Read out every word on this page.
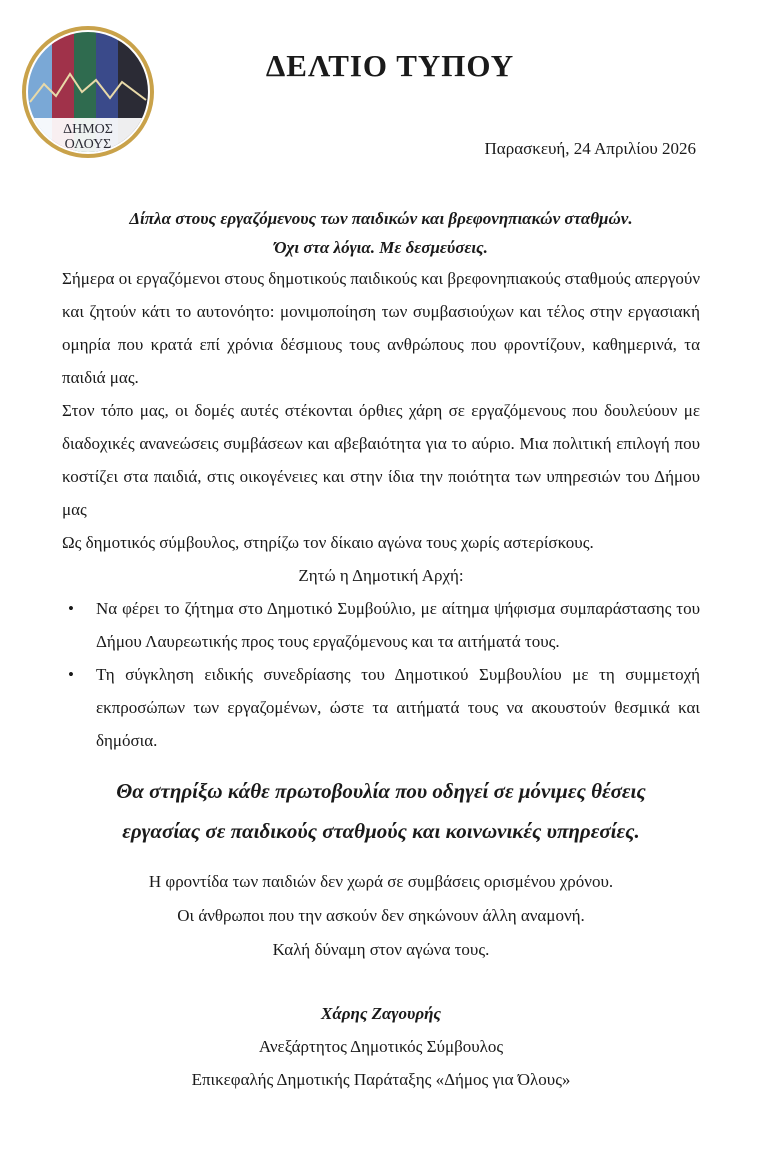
ΔΗΜΟΣ
ΟΛΟΥΣ
ΔΕΛΤΙΟ ΤΥΠΟΥ
Παρασκευή, 24 Απριλίου 2026

Δίπλα στους εργαζόμενους των παιδικών και βρεφονηπιακών σταθμών.

Όχι στα λόγια. Με δεσμεύσεις.

Σήμερα οι εργαζόμενοι στους δημοτικούς παιδικούς και βρεφονηπιακούς σταθμούς απεργούν και ζητούν κάτι το αυτονόητο: μονιμοποίηση των συμβασιούχων και τέλος στην εργασιακή ομηρία που κρατά επί χρόνια δέσμιους τους ανθρώπους που φροντίζουν, καθημερινά, τα παιδιά μας.

Στον τόπο μας, οι δομές αυτές στέκονται όρθιες χάρη σε εργαζόμενους που δουλεύουν με διαδοχικές ανανεώσεις συμβάσεων και αβεβαιότητα για το αύριο. Μια πολιτική επιλογή που κοστίζει στα παιδιά, στις οικογένειες και στην ίδια την ποιότητα των υπηρεσιών του Δήμου μας

Ως δημοτικός σύμβουλος, στηρίζω τον δίκαιο αγώνα τους χωρίς αστερίσκους.

Ζητώ η Δημοτική Αρχή:

• Να φέρει το ζήτημα στο Δημοτικό Συμβούλιο, με αίτημα ψήφισμα συμπαράστασης του Δήμου Λαυρεωτικής προς τους εργαζόμενους και τα αιτήματά τους.
• Τη σύγκληση ειδικής συνεδρίασης του Δημοτικού Συμβουλίου με τη συμμετοχή εκπροσώπων των εργαζομένων, ώστε τα αιτήματά τους να ακουστούν θεσμικά και δημόσια.
Θα στηρίξω κάθε πρωτοβουλία που οδηγεί σε μόνιμες θέσεις
εργασίας σε παιδικούς σταθμούς και κοινωνικές υπηρεσίες.
Η φροντίδα των παιδιών δεν χωρά σε συμβάσεις ορισμένου χρόνου.
Οι άνθρωποι που την ασκούν δεν σηκώνουν άλλη αναμονή.
Καλή δύναμη στον αγώνα τους.
Χάρης Ζαγουρής
Ανεξάρτητος Δημοτικός Σύμβουλος
Επικεφαλής Δημοτικής Παράταξης «Δήμος για Όλους»
